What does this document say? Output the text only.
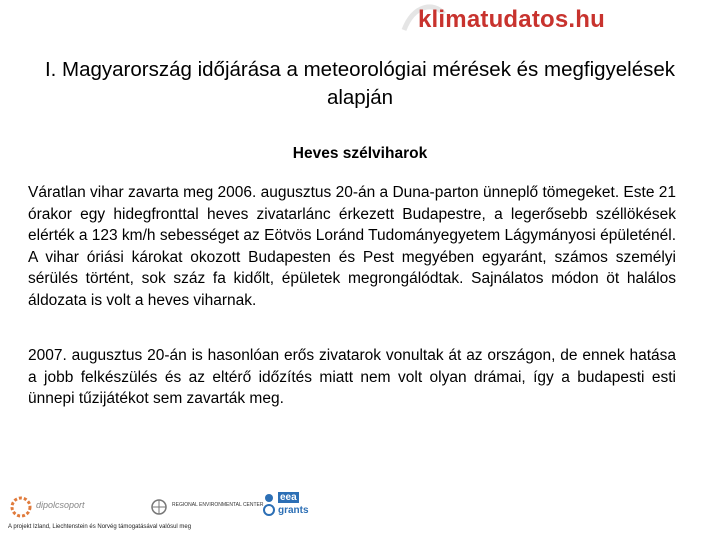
klimatudatos.hu
I. Magyarország időjárása a meteorológiai mérések és megfigyelések alapján
Heves szélviharok

Váratlan vihar zavarta meg 2006. augusztus 20-án a Duna-parton ünneplő tömegeket. Este 21 órakor egy hidegfronttal heves zivatarlánc érkezett Budapestre, a legerősebb széllökések elérték a 123 km/h sebességet az Eötvös Loránd Tudományegyetem Lágymányosi épületénél. A vihar óriási károkat okozott Budapesten és Pest megyében egyaránt, számos személyi sérülés történt, sok száz fa kidőlt, épületek megrongálódtak. Sajnálatos módon öt halálos áldozata is volt a heves viharnak.

2007. augusztus 20-án is hasonlóan erős zivatarok vonultak át az országon, de ennek hatása a jobb felkészülés és az eltérő időzítés miatt nem volt olyan drámai, így a budapesti esti ünnepi tűzijátékot sem zavarták meg.

dipolcsoport	REGIONAL ENVIRONMENTAL CENTER
eea
grants
A projekt Izland, Liechtenstein és Norvég támogatásával valósul meg
